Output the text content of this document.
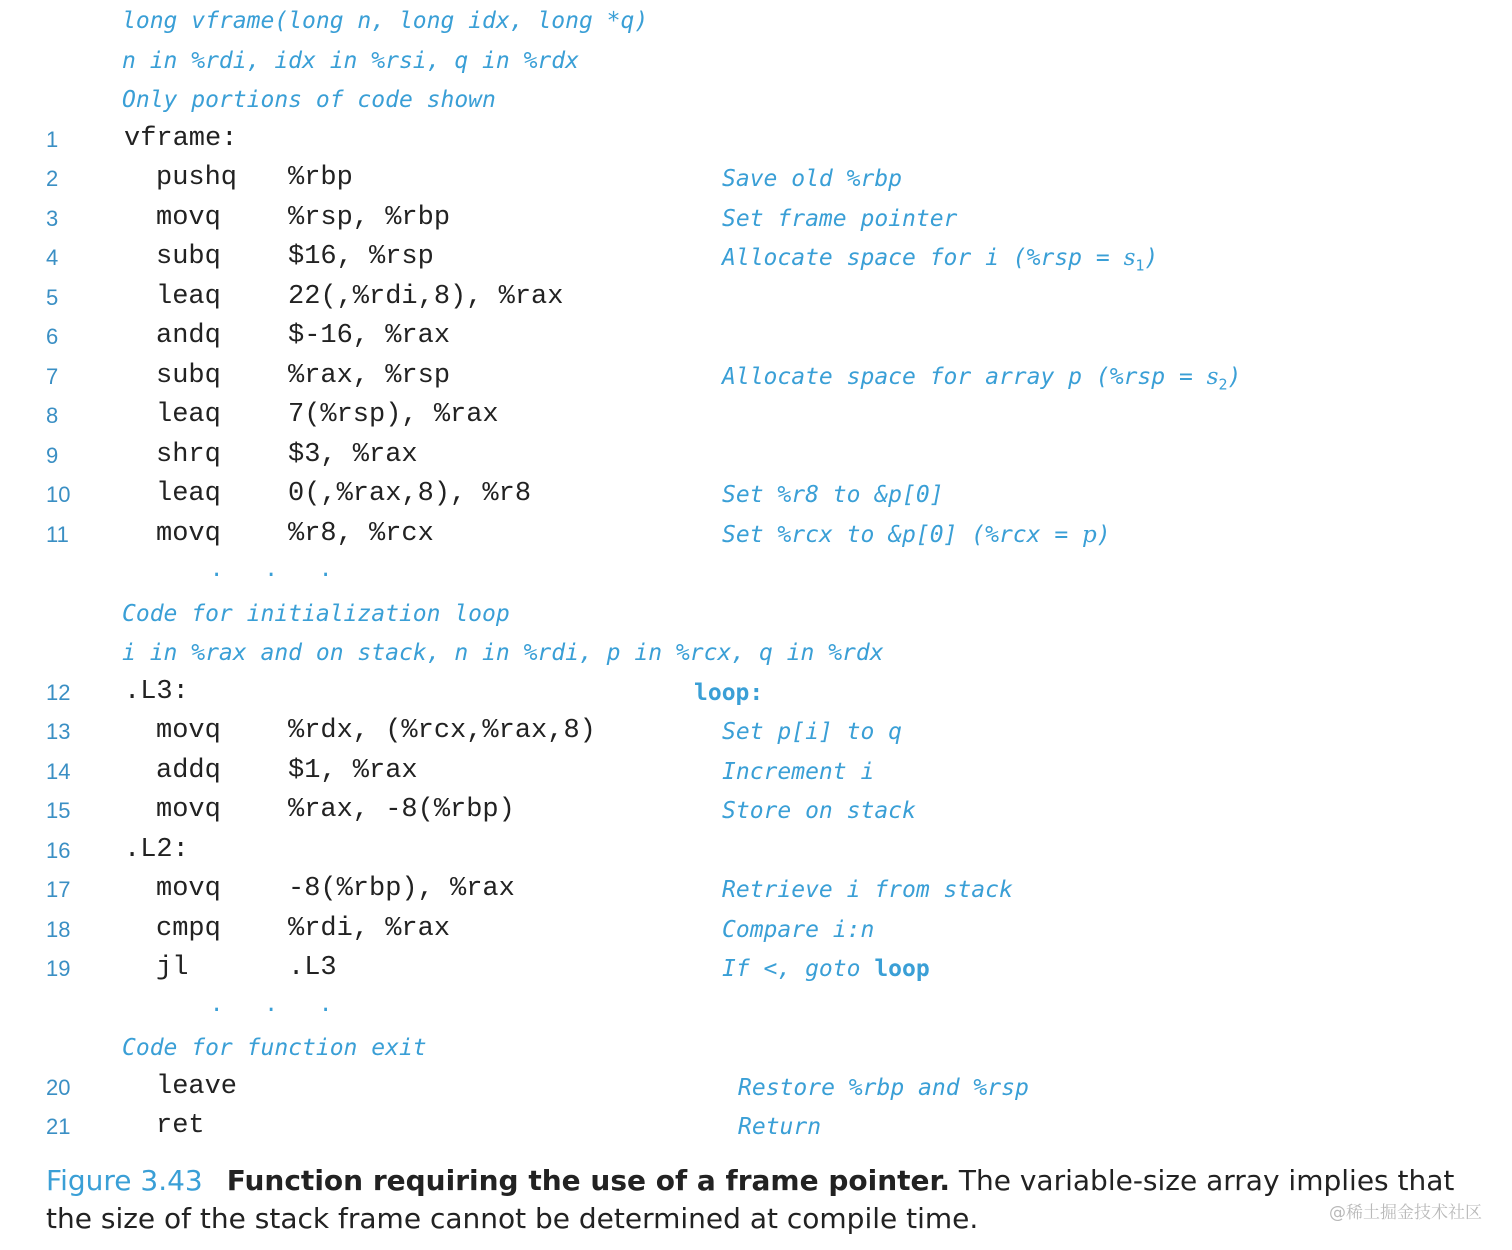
long vframe(long n, long idx, long *q)
n in %rdi, idx in %rsi, q in %rdx
Only portions of code shown
1	vframe:
2	pushq %rbp	Save old %rbp
3	movq %rsp, %rbp	Set frame pointer
4	subq $16, %rsp	Allocate space for i $(\%rsp = s_1)$
5	leaq 22(,%rdi,8), %rax
6	andq $-16, %rax
7	subq %rax, %rsp	Allocate space for array p $(\%rsp = s_2)$
8	leaq 7(%rsp), %rax
9	shrq $3, %rax
10	leaq 0(,%rax,8), %r8	Set %r8 to &p[0]
11	movq %r8, %rcx	Set %rcx to &p[0] (%rcx = p)
. . .
Code for initialization loop
i in %rax and on stack, n in %rdi, p in %rcx, q in %rdx
12	.L3:	loop:
13	movq %rdx, (%rcx,%rax,8)	Set p[i] to q
14	addq $1, %rax	Increment i
15	movq %rax, -8(%rbp)	Store on stack
16	.L2:
17	movq -8(%rbp), %rax	Retrieve i from stack
18	cmpq %rdi, %rax	Compare i:n
19	jl	.L3	If <, goto loop
. . .
Code for function exit
20	leave	Restore %rbp and %rsp
21	ret	Return
Figure 3.43 Function requiring the use of a frame pointer. The variable-size array implies that the size of the stack frame cannot be determined at compile time.	@稀土掘金技术社区
